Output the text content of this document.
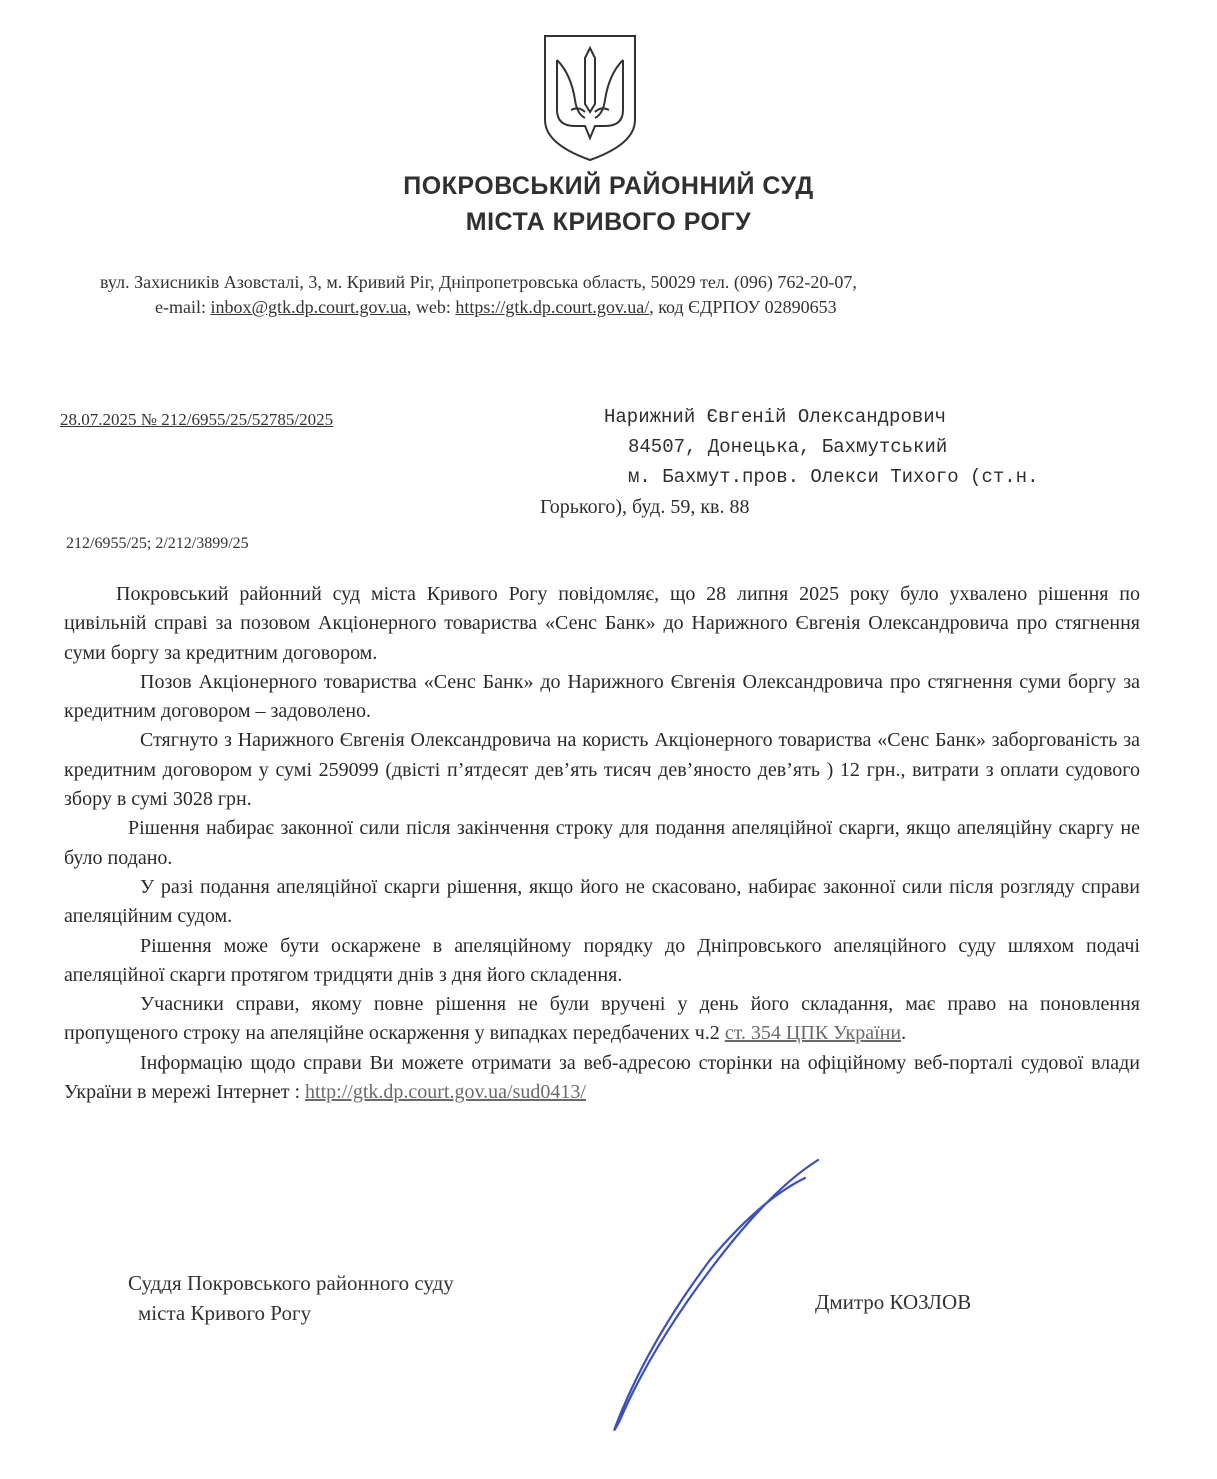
ПОКРОВСЬКИЙ РАЙОННИЙ СУД
МІСТА КРИВОГО РОГУ
вул. Захисників Азовсталі, 3, м. Кривий Ріг, Дніпропетровська область, 50029 тел. (096) 762-20-07,
e-mail: inbox@gtk.dp.court.gov.ua, web: https://gtk.dp.court.gov.ua/, код ЄДРПОУ 02890653
28.07.2025 № 212/6955/25/52785/2025	Нарижний Євгеній Олександрович
84507, Донецька, Бахмутський
м. Бахмут.пров. Олекси Тихого (ст.н.
Горького), буд. 59, кв. 88
212/6955/25; 2/212/3899/25

Покровський районний суд міста Кривого Рогу повідомляє, що 28 липня 2025 року було ухвалено рішення по цивільній справі за позовом Акціонерного товариства «Сенс Банк» до Нарижного Євгенія Олександровича про стягнення суми боргу за кредитним договором.

Позов Акціонерного товариства «Сенс Банк» до Нарижного Євгенія Олександровича про стягнення суми боргу за кредитним договором – задоволено.

Стягнуто з Нарижного Євгенія Олександровича на користь Акціонерного товариства «Сенс Банк» заборгованість за кредитним договором у сумі 259099 (двісті п’ятдесят дев’ять тисяч дев’яносто дев’ять ) 12 грн., витрати з оплати судового збору в сумі 3028 грн.

Рішення набирає законної сили після закінчення строку для подання апеляційної скарги, якщо апеляційну скаргу не було подано.

У разі подання апеляційної скарги рішення, якщо його не скасовано, набирає законної сили після розгляду справи апеляційним судом.

Рішення може бути оскаржене в апеляційному порядку до Дніпровського апеляційного суду шляхом подачі апеляційної скарги протягом тридцяти днів з дня його складення.

Учасники справи, якому повне рішення не були вручені у день його складання, має право на поновлення пропущеного строку на апеляційне оскарження у випадках передбачених ч.2 ст. 354 ЦПК України.

Інформацію щодо справи Ви можете отримати за веб-адресою сторінки на офіційному веб-порталі судової влади України в мережі Інтернет : http://gtk.dp.court.gov.ua/sud0413/

Суддя Покровського районного суду
міста Кривого Рогу	Дмитро КОЗЛОВ
